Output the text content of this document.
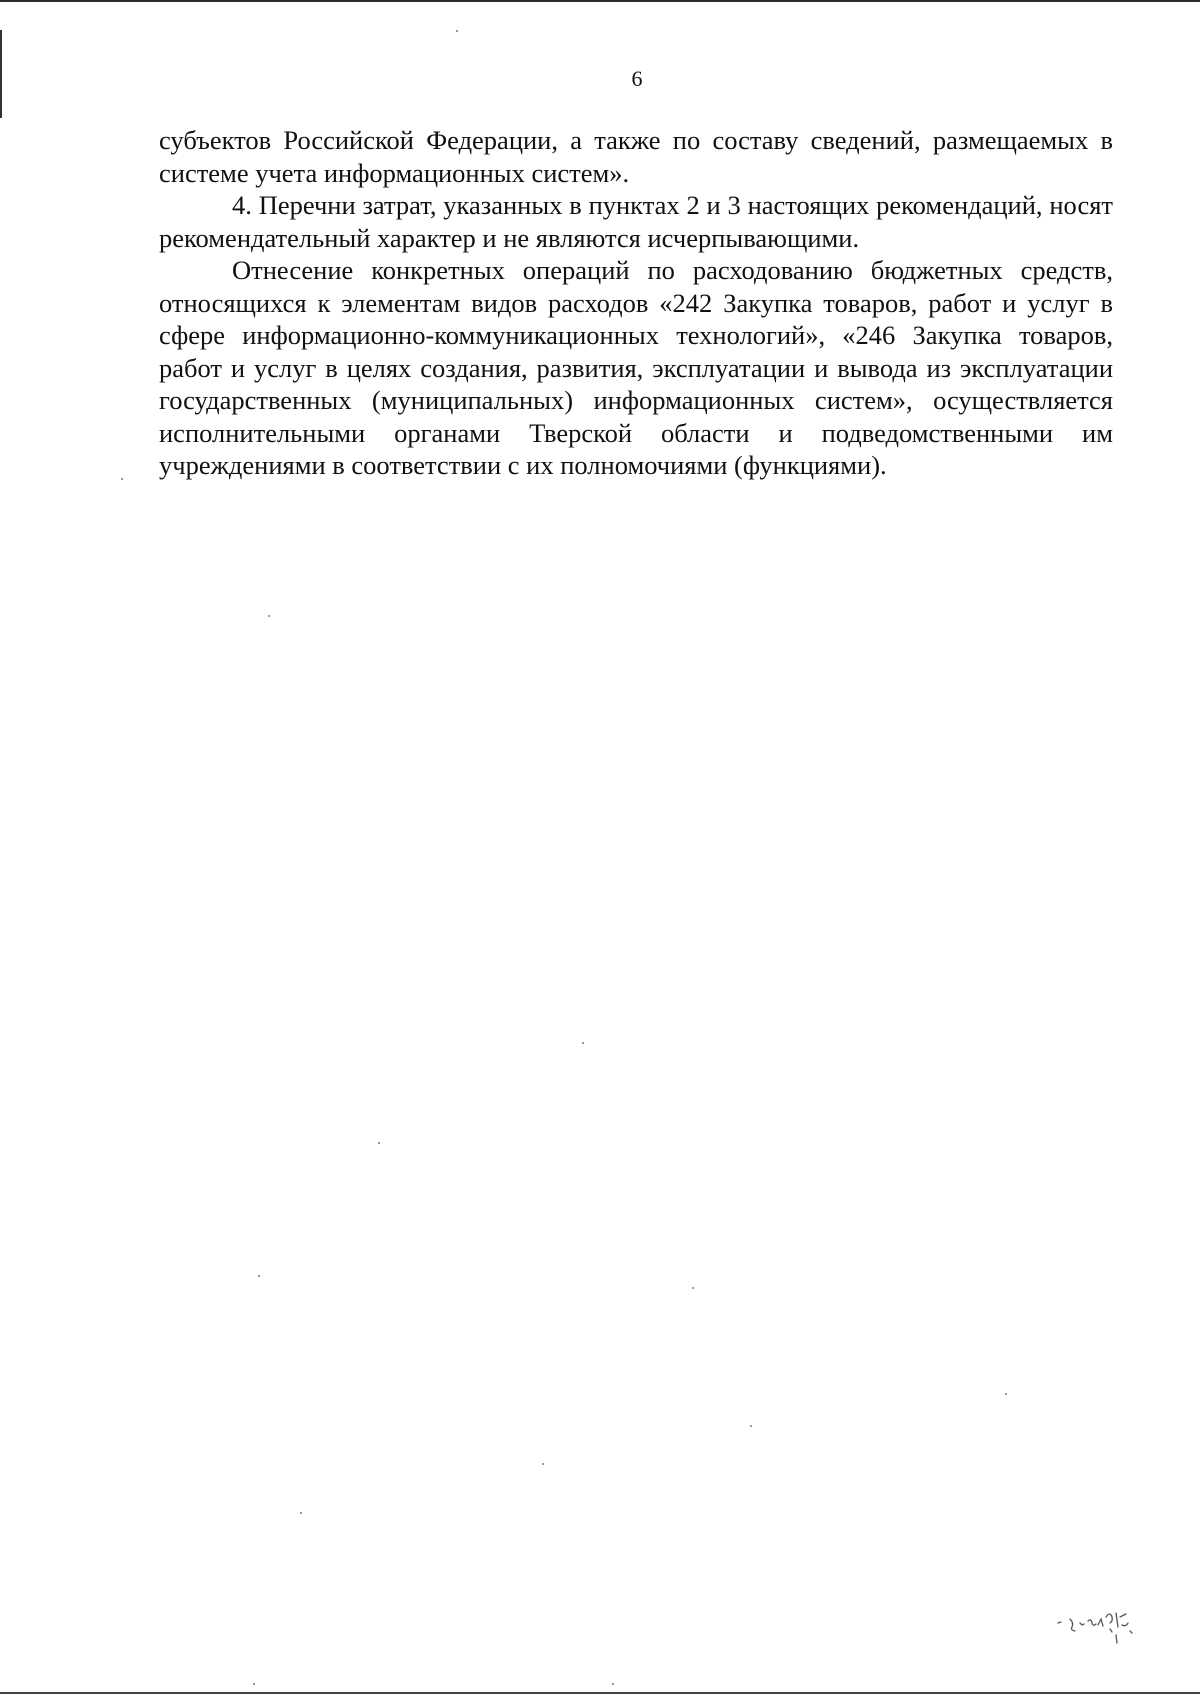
6

субъектов Российской Федерации, а также по составу сведений, размещаемых в системе учета информационных систем».

4. Перечни затрат, указанных в пунктах 2 и 3 настоящих рекомендаций, носят рекомендательный характер и не являются исчерпывающими.

Отнесение конкретных операций по расходованию бюджетных средств, относящихся к элементам видов расходов «242 Закупка товаров, работ и услуг в сфере информационно-коммуникационных технологий», «246 Закупка товаров, работ и услуг в целях создания, развития, эксплуатации и вывода из эксплуатации государственных (муниципальных) информационных систем», осуществляется исполнительными органами Тверской области и подведомственными им учреждениями в соответствии с их полномочиями (функциями).
